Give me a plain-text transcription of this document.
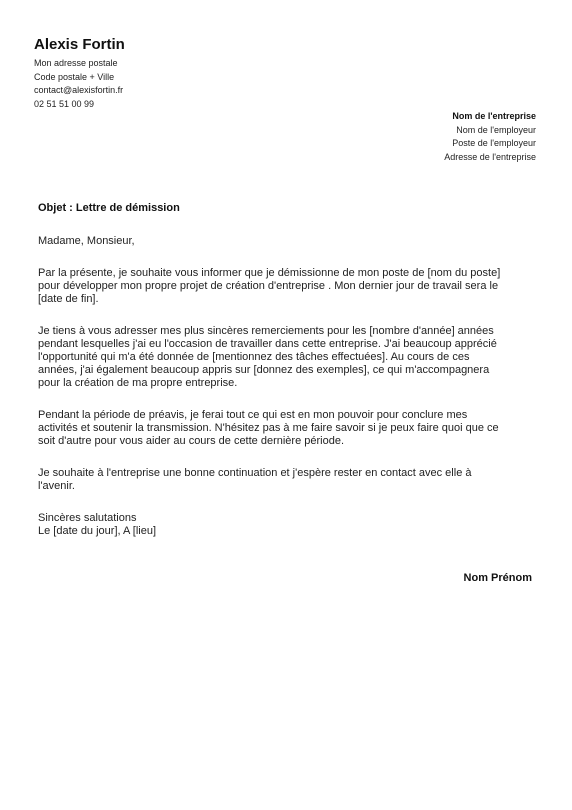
Alexis Fortin
Mon adresse postale
Code postale + Ville
contact@alexisfortin.fr
02 51 51 00 99
Nom de l'entreprise
Nom de l'employeur
Poste de l'employeur
Adresse de l'entreprise
Objet : Lettre de démission
Madame, Monsieur,

Par la présente, je souhaite vous informer que je démissionne de mon poste de [nom du poste]

pour développer mon propre projet de création d'entreprise . Mon dernier jour de travail sera le

[date de fin].

Je tiens à vous adresser mes plus sincères remerciements pour les [nombre d'année] années

pendant lesquelles j'ai eu l'occasion de travailler dans cette entreprise. J'ai beaucoup apprécié

l'opportunité qui m'a été donnée de [mentionnez des tâches effectuées]. Au cours de ces

années, j'ai également beaucoup appris sur [donnez des exemples], ce qui m'accompagnera

pour la création de ma propre entreprise.

Pendant la période de préavis, je ferai tout ce qui est en mon pouvoir pour conclure mes

activités et soutenir la transmission. N'hésitez pas à me faire savoir si je peux faire quoi que ce

soit d'autre pour vous aider au cours de cette dernière période.

Je souhaite à l'entreprise une bonne continuation et j'espère rester en contact avec elle à

l'avenir.

Sincères salutations
Le [date du jour], A [lieu]
Nom Prénom
